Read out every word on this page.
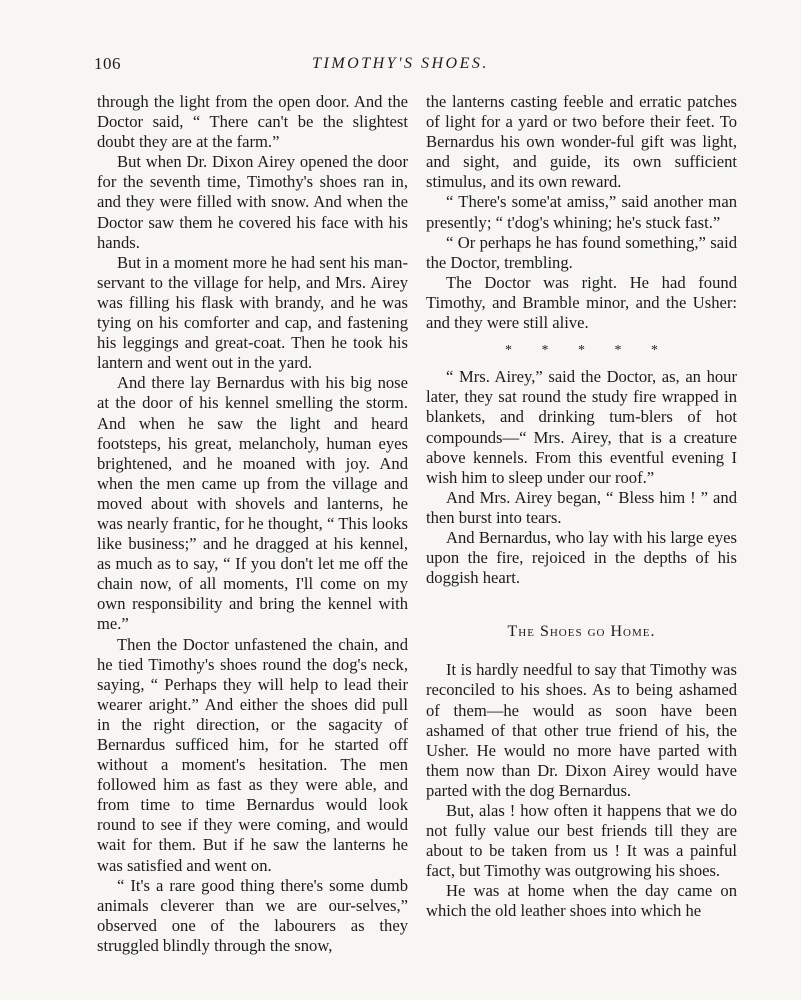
106	TIMOTHY'S SHOES.

through the light from the open door. And the Doctor said, “ There can't be the slightest doubt they are at the farm.”

But when Dr. Dixon Airey opened the door for the seventh time, Timothy's shoes ran in, and they were filled with snow. And when the Doctor saw them he covered his face with his hands.

But in a moment more he had sent his man-servant to the village for help, and Mrs. Airey was filling his flask with brandy, and he was tying on his comforter and cap, and fastening his leggings and great-coat. Then he took his lantern and went out in the yard.

And there lay Bernardus with his big nose at the door of his kennel smelling the storm. And when he saw the light and heard footsteps, his great, melancholy, human eyes brightened, and he moaned with joy. And when the men came up from the village and moved about with shovels and lanterns, he was nearly frantic, for he thought, “ This looks like business;” and he dragged at his kennel, as much as to say, “ If you don't let me off the chain now, of all moments, I'll come on my own responsibility and bring the kennel with me.”

Then the Doctor unfastened the chain, and he tied Timothy's shoes round the dog's neck, saying, “ Perhaps they will help to lead their wearer aright.” And either the shoes did pull in the right direction, or the sagacity of Bernardus sufficed him, for he started off without a moment's hesitation. The men followed him as fast as they were able, and from time to time Bernardus would look round to see if they were coming, and would wait for them. But if he saw the lanterns he was satisfied and went on.

“ It's a rare good thing there's some dumb animals cleverer than we are our-selves,” observed one of the labourers as they struggled blindly through the snow,

the lanterns casting feeble and erratic patches of light for a yard or two before their feet. To Bernardus his own wonder-ful gift was light, and sight, and guide, its own sufficient stimulus, and its own reward.

“ There's some'at amiss,” said another man presently; “ t'dog's whining; he's stuck fast.”

“ Or perhaps he has found something,” said the Doctor, trembling.

The Doctor was right. He had found Timothy, and Bramble minor, and the Usher: and they were still alive.

* * * * *

“ Mrs. Airey,” said the Doctor, as, an hour later, they sat round the study fire wrapped in blankets, and drinking tum-blers of hot compounds—“ Mrs. Airey, that is a creature above kennels. From this eventful evening I wish him to sleep under our roof.”

And Mrs. Airey began, “ Bless him ! ” and then burst into tears.

And Bernardus, who lay with his large eyes upon the fire, rejoiced in the depths of his doggish heart.

The Shoes go Home.

It is hardly needful to say that Timothy was reconciled to his shoes. As to being ashamed of them—he would as soon have been ashamed of that other true friend of his, the Usher. He would no more have parted with them now than Dr. Dixon Airey would have parted with the dog Bernardus.

But, alas ! how often it happens that we do not fully value our best friends till they are about to be taken from us ! It was a painful fact, but Timothy was outgrowing his shoes.

He was at home when the day came on which the old leather shoes into which he
